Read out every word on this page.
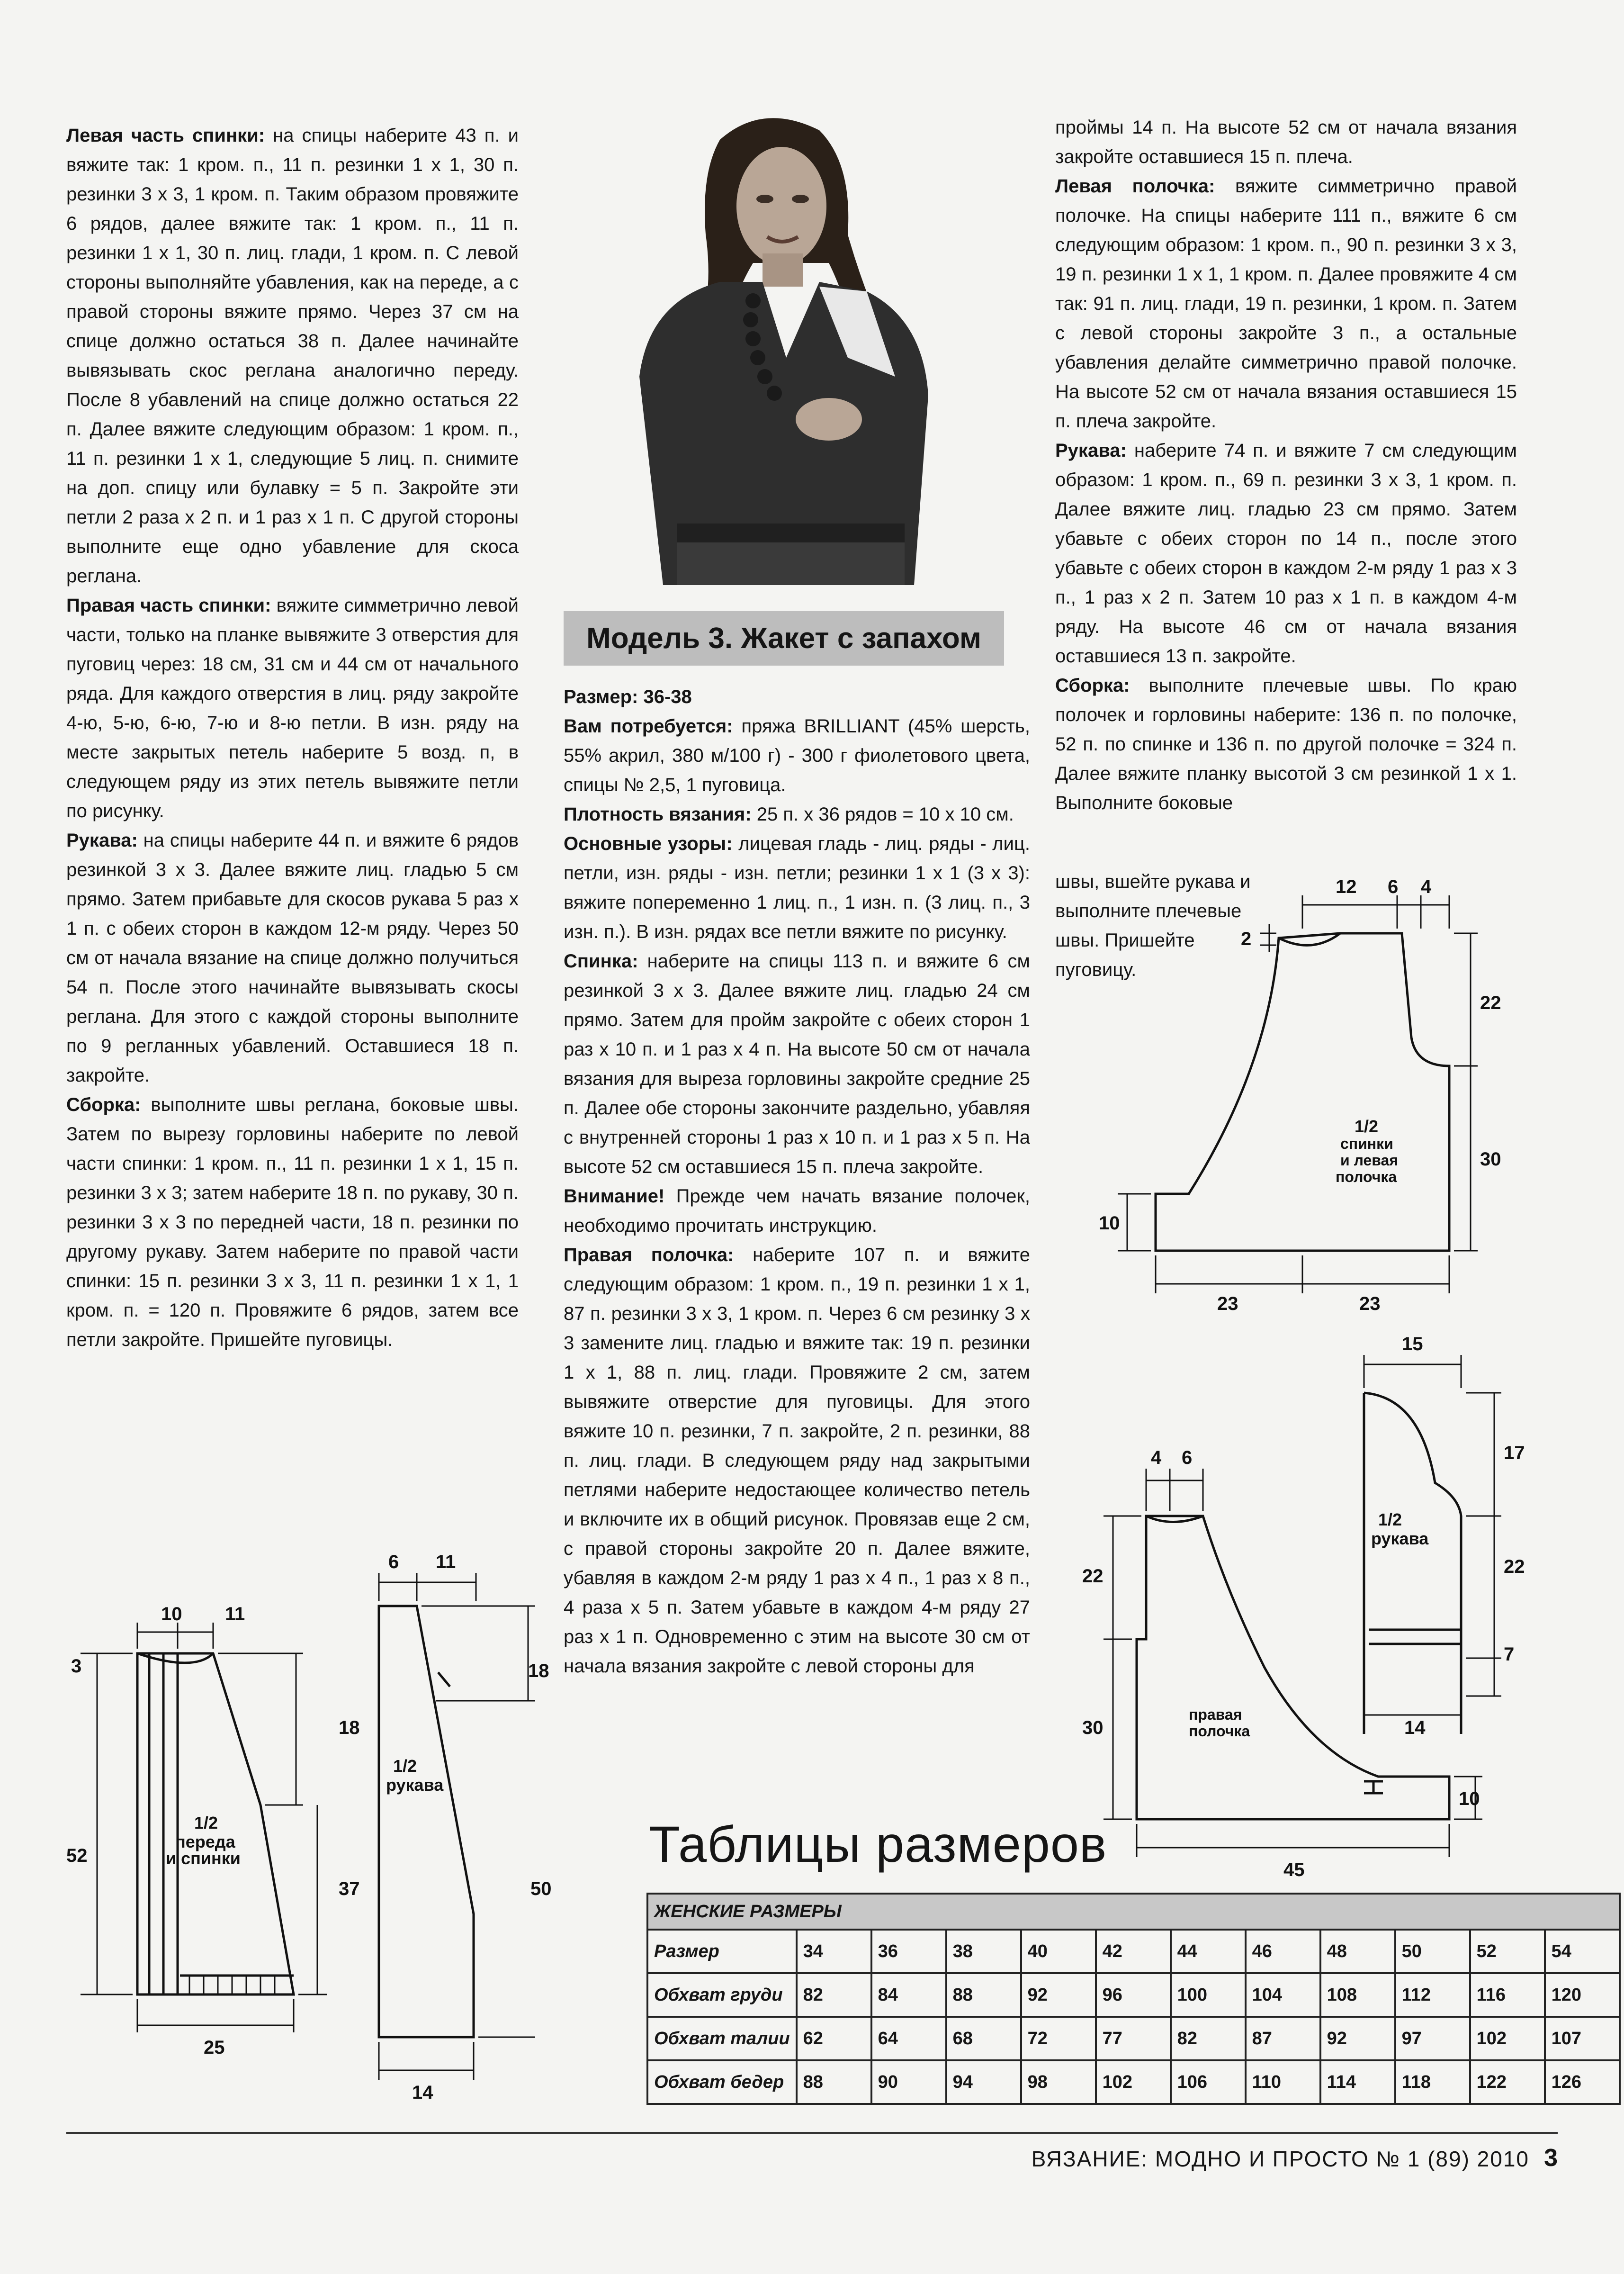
Левая часть спинки: на спицы наберите 43 п. и вяжите так: 1 кром. п., 11 п. резинки 1 х 1, 30 п. резинки 3 х 3, 1 кром. п. Таким образом провяжите 6 рядов, далее вяжите так: 1 кром. п., 11 п. резинки 1 х 1, 30 п. лиц. глади, 1 кром. п. С левой стороны выполняйте убавления, как на переде, а с правой стороны вяжите прямо. Через 37 см на спице должно остаться 38 п. Далее начинайте вывязывать скос реглана аналогично переду. После 8 убавлений на спице должно остаться 22 п. Далее вяжите следующим образом: 1 кром. п., 11 п. резинки 1 х 1, следующие 5 лиц. п. снимите на доп. спицу или булавку = 5 п. Закройте эти петли 2 раза х 2 п. и 1 раз х 1 п. С другой стороны выполните еще одно убавление для скоса реглана.

Правая часть спинки: вяжите симметрично левой части, только на планке вывяжите 3 отверстия для пуговиц через: 18 см, 31 см и 44 см от начального ряда. Для каждого отверстия в лиц. ряду закройте 4-ю, 5-ю, 6-ю, 7-ю и 8-ю петли. В изн. ряду на месте закрытых петель наберите 5 возд. п, в следующем ряду из этих петель вывяжите петли по рисунку.

Рукава: на спицы наберите 44 п. и вяжите 6 рядов резинкой 3 х 3. Далее вяжите лиц. гладью 5 см прямо. Затем прибавьте для скосов рукава 5 раз х 1 п. с обеих сторон в каждом 12-м ряду. Через 50 см от начала вязание на спице должно получиться 54 п. После этого начинайте вывязывать скосы реглана. Для этого с каждой стороны выполните по 9 регланных убавлений. Оставшиеся 18 п. закройте.

Сборка: выполните швы реглана, боковые швы. Затем по вырезу горловины наберите по левой части спинки: 1 кром. п., 11 п. резинки 1 х 1, 15 п. резинки 3 х 3; затем наберите 18 п. по рукаву, 30 п. резинки 3 х 3 по передней части, 18 п. резинки по другому рукаву. Затем наберите по правой части спинки: 15 п. резинки 3 х 3, 11 п. резинки 1 х 1, 1 кром. п. = 120 п. Провяжите 6 рядов, затем все петли закройте. Пришейте пуговицы.

Модель 3. Жакет с запахом

Размер: 36-38

Вам потребуется: пряжа BRILLIANT (45% шерсть, 55% акрил, 380 м/100 г) - 300 г фиолетового цвета, спицы № 2,5, 1 пуговица.

Плотность вязания: 25 п. х 36 рядов = 10 х 10 см.

Основные узоры: лицевая гладь - лиц. ряды - лиц. петли, изн. ряды - изн. петли; резинки 1 х 1 (3 х 3): вяжите попеременно 1 лиц. п., 1 изн. п. (3 лиц. п., 3 изн. п.). В изн. рядах все петли вяжите по рисунку.

Спинка: наберите на спицы 113 п. и вяжите 6 см резинкой 3 х 3. Далее вяжите лиц. гладью 24 см прямо. Затем для пройм закройте с обеих сторон 1 раз х 10 п. и 1 раз х 4 п. На высоте 50 см от начала вязания для выреза горловины закройте средние 25 п. Далее обе стороны закончите раздельно, убавляя с внутренней стороны 1 раз х 10 п. и 1 раз х 5 п. На высоте 52 см оставшиеся 15 п. плеча закройте.

Внимание! Прежде чем начать вязание полочек, необходимо прочитать инструкцию.

Правая полочка: наберите 107 п. и вяжите следующим образом: 1 кром. п., 19 п. резинки 1 х 1, 87 п. резинки 3 х 3, 1 кром. п. Через 6 см резинку 3 х 3 замените лиц. гладью и вяжите так: 19 п. резинки 1 х 1, 88 п. лиц. глади. Провяжите 2 см, затем вывяжите отверстие для пуговицы. Для этого вяжите 10 п. резинки, 7 п. закройте, 2 п. резинки, 88 п. лиц. глади. В следующем ряду над закрытыми петлями наберите недостающее количество петель и включите их в общий рисунок. Провязав еще 2 см, с правой стороны закройте 20 п. Далее вяжите, убавляя в каждом 2-м ряду 1 раз х 4 п., 1 раз х 8 п., 4 раза х 5 п. Затем убавьте в каждом 4-м ряду 27 раз х 1 п. Одновременно с этим на высоте 30 см от начала вязания закройте с левой стороны для

проймы 14 п. На высоте 52 см от начала вязания закройте оставшиеся 15 п. плеча.

Левая полочка: вяжите симметрично правой полочке. На спицы наберите 111 п., вяжите 6 см следующим образом: 1 кром. п., 90 п. резинки 3 х 3, 19 п. резинки 1 х 1, 1 кром. п. Далее провяжите 4 см так: 91 п. лиц. глади, 19 п. резинки, 1 кром. п. Затем с левой стороны закройте 3 п., а остальные убавления делайте симметрично правой полочке. На высоте 52 см от начала вязания оставшиеся 15 п. плеча закройте.

Рукава: наберите 74 п. и вяжите 7 см следующим образом: 1 кром. п., 69 п. резинки 3 х 3, 1 кром. п. Далее вяжите лиц. гладью 23 см прямо. Затем убавьте с обеих сторон по 14 п., после этого убавьте с обеих сторон в каждом 2-м ряду 1 раз х 3 п., 1 раз х 2 п. Затем 10 раз х 1 п. в каждом 4-м ряду. На высоте 46 см от начала вязания оставшиеся 13 п. закройте.

Сборка: выполните плечевые швы. По краю полочек и горловины наберите: 136 п. по полочке, 52 п. по спинке и 136 п. по другой полочке = 324 п. Далее вяжите планку высотой 3 см резинкой 1 х 1. Выполните боковые

швы, вшейте рукава и выполните плечевые швы. Пришейте пуговицу.

1/2
переда
и спинки
10 11
3
18
52
37
25
1/2
рукава
6 11
18
50
14
1/2
спинки
и левая
полочка
12 6 4
2
22
30
10
23	23
1/2
рукава
15
17
22
7
14
правая
полочка
4 6
22
30
10
45
Таблицы размеров
ЖЕНСКИЕ РАЗМЕРЫ											
Размер	34	36	38	40	42	44	46	48	50	52	54
Обхват груди	82	84	88	92	96	100	104	108	112	116	120
Обхват талии	62	64	68	72	77	82	87	92	97	102	107
Обхват бедер	88	90	94	98	102	106	110	114	118	122	126
ВЯЗАНИЕ: МОДНО И ПРОСТО № 1 (89) 2010 3
